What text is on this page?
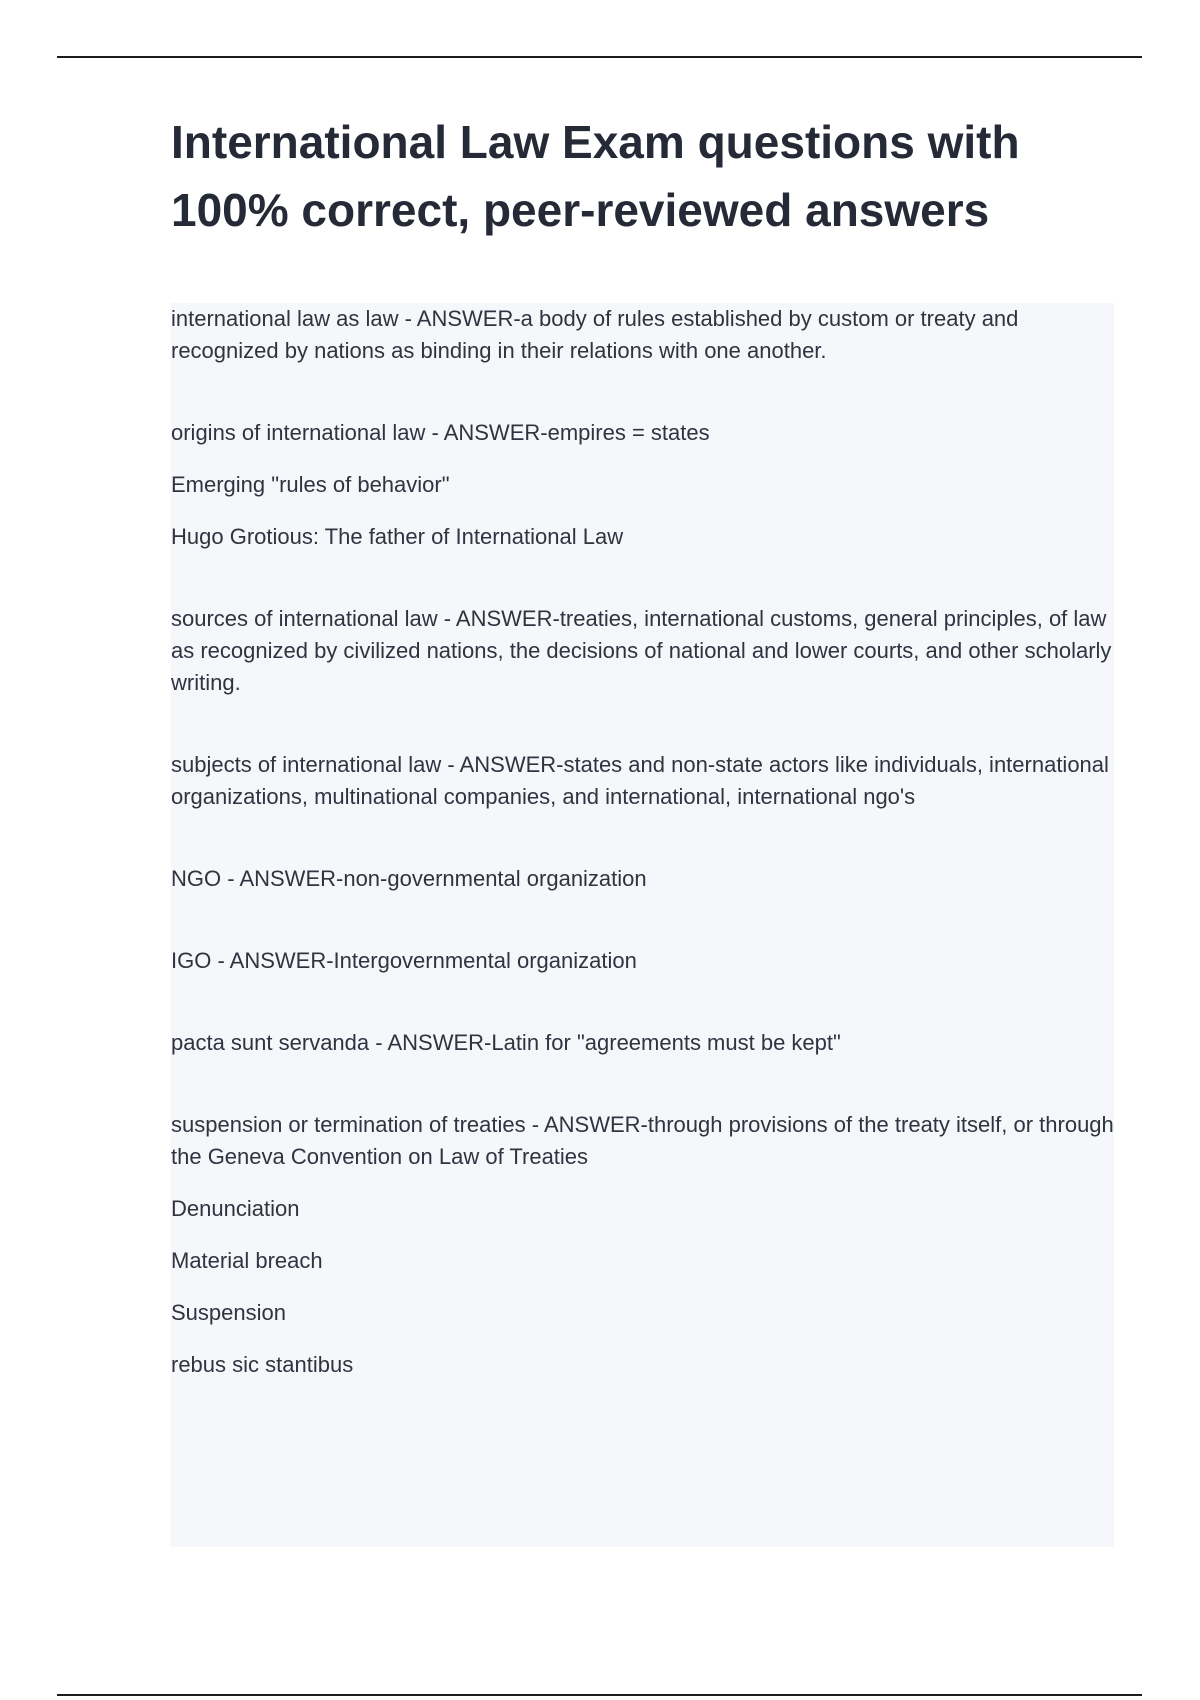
International Law Exam questions with 100% correct, peer-reviewed answers

international law as law - ANSWER-a body of rules established by custom or treaty and recognized by nations as binding in their relations with one another.

origins of international law - ANSWER-empires = states

Emerging "rules of behavior"

Hugo Grotious: The father of International Law

sources of international law - ANSWER-treaties, international customs, general principles, of law as recognized by civilized nations, the decisions of national and lower courts, and other scholarly writing.

subjects of international law - ANSWER-states and non-state actors like individuals, international organizations, multinational companies, and international, international ngo's

NGO - ANSWER-non-governmental organization

IGO - ANSWER-Intergovernmental organization

pacta sunt servanda - ANSWER-Latin for "agreements must be kept"

suspension or termination of treaties - ANSWER-through provisions of the treaty itself, or through the Geneva Convention on Law of Treaties

Denunciation

Material breach

Suspension

rebus sic stantibus
